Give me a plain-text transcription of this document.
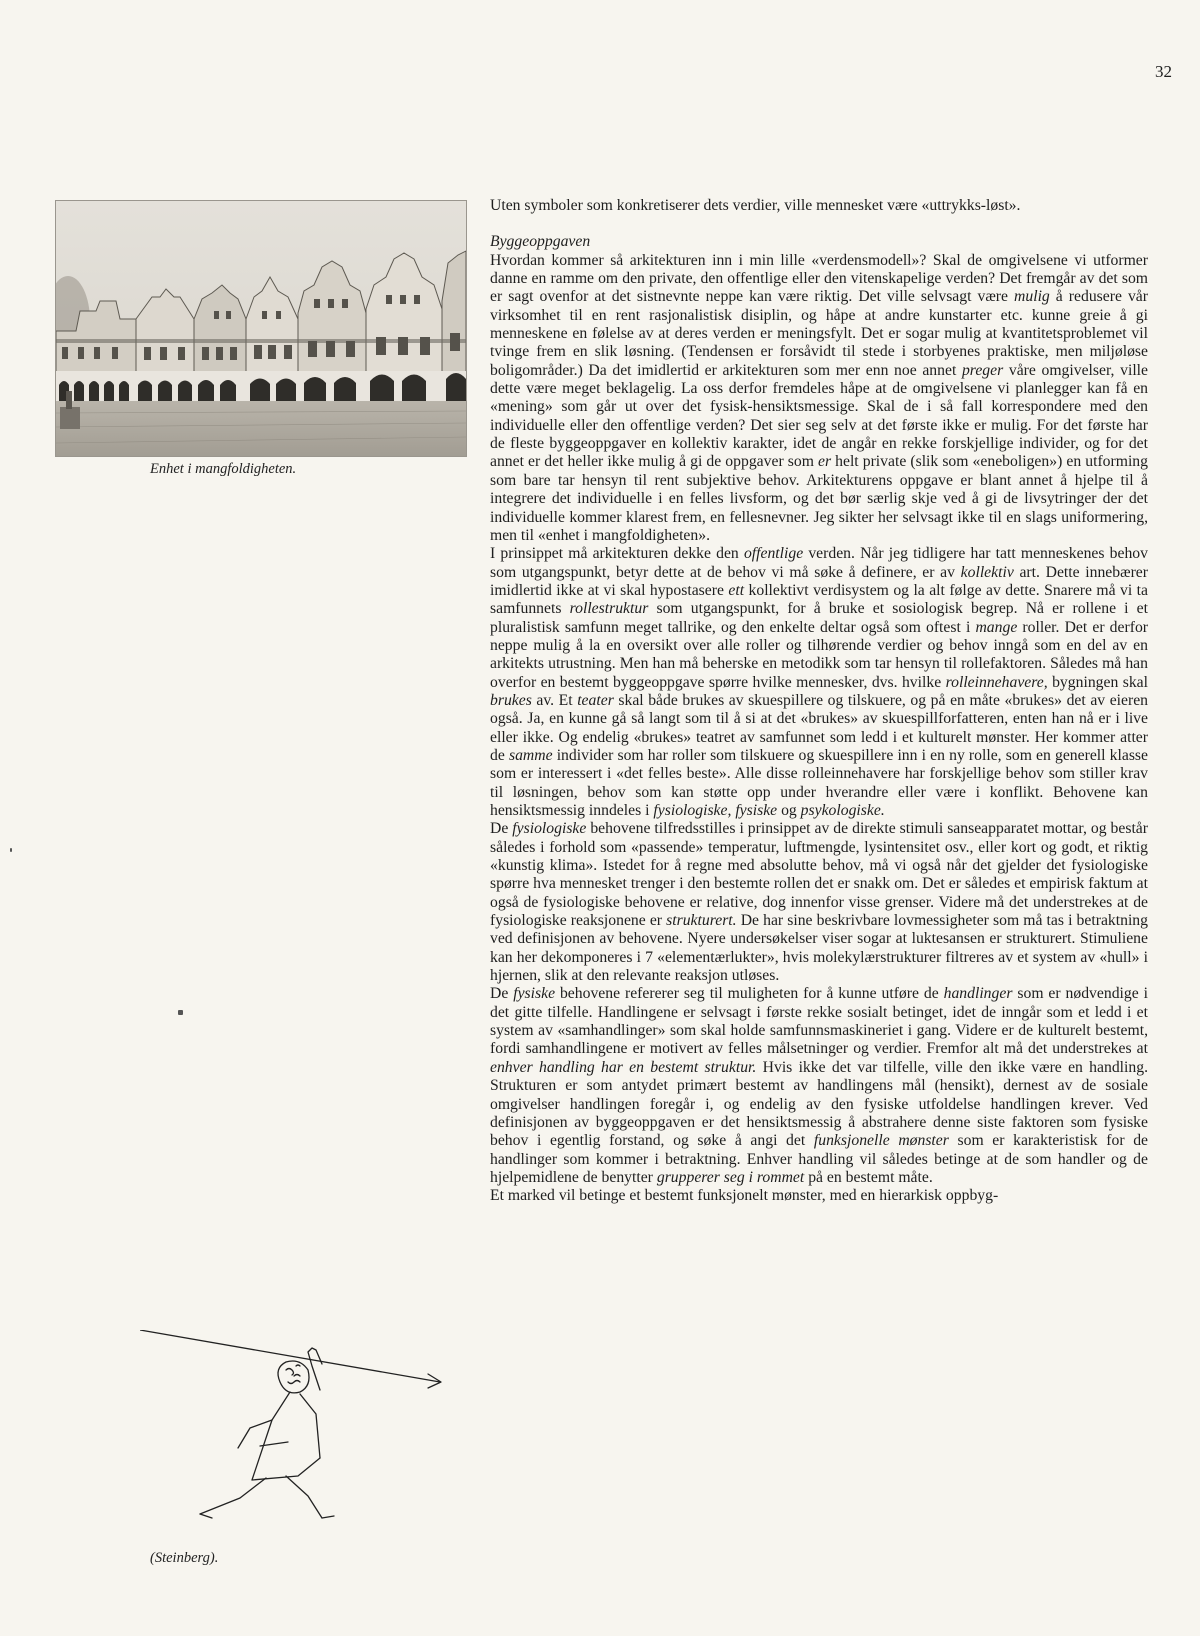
32
Enhet i mangfoldigheten.
(Steinberg).

Uten symboler som konkretiserer dets verdier, ville mennesket være «uttrykks-løst».

Byggeoppgaven

Hvordan kommer så arkitekturen inn i min lille «verdensmodell»? Skal de omgivelsene vi utformer danne en ramme om den private, den offentlige eller den vitenskapelige verden? Det fremgår av det som er sagt ovenfor at det sistnevnte neppe kan være riktig. Det ville selvsagt være mulig å redusere vår virksomhet til en rent rasjonalistisk disiplin, og håpe at andre kunstarter etc. kunne greie å gi menneskene en følelse av at deres verden er meningsfylt. Det er sogar mulig at kvantitetsproblemet vil tvinge frem en slik løsning. (Tendensen er forsåvidt til stede i storbyenes praktiske, men miljøløse boligområder.) Da det imidlertid er arkitekturen som mer enn noe annet preger våre omgivelser, ville dette være meget beklagelig. La oss derfor fremdeles håpe at de omgivelsene vi planlegger kan få en «mening» som går ut over det fysisk-hensiktsmessige. Skal de i så fall korrespondere med den individuelle eller den offentlige verden? Det sier seg selv at det første ikke er mulig. For det første har de fleste byggeoppgaver en kollektiv karakter, idet de angår en rekke forskjellige individer, og for det annet er det heller ikke mulig å gi de oppgaver som er helt private (slik som «eneboligen») en utforming som bare tar hensyn til rent subjektive behov. Arkitekturens oppgave er blant annet å hjelpe til å integrere det individuelle i en felles livsform, og det bør særlig skje ved å gi de livsytringer der det individuelle kommer klarest frem, en fellesnevner. Jeg sikter her selvsagt ikke til en slags uniformering, men til «enhet i mangfoldigheten».

I prinsippet må arkitekturen dekke den offentlige verden. Når jeg tidligere har tatt menneskenes behov som utgangspunkt, betyr dette at de behov vi må søke å definere, er av kollektiv art. Dette innebærer imidlertid ikke at vi skal hypostasere ett kollektivt verdisystem og la alt følge av dette. Snarere må vi ta samfunnets rollestruktur som utgangspunkt, for å bruke et sosiologisk begrep. Nå er rollene i et pluralistisk samfunn meget tallrike, og den enkelte deltar også som oftest i mange roller. Det er derfor neppe mulig å la en oversikt over alle roller og tilhørende verdier og behov inngå som en del av en arkitekts utrustning. Men han må beherske en metodikk som tar hensyn til rollefaktoren. Således må han overfor en bestemt byggeoppgave spørre hvilke mennesker, dvs. hvilke rolleinnehavere, bygningen skal brukes av. Et teater skal både brukes av skuespillere og tilskuere, og på en måte «brukes» det av eieren også. Ja, en kunne gå så langt som til å si at det «brukes» av skuespillforfatteren, enten han nå er i live eller ikke. Og endelig «brukes» teatret av samfunnet som ledd i et kulturelt mønster. Her kommer atter de samme individer som har roller som tilskuere og skuespillere inn i en ny rolle, som en generell klasse som er interessert i «det felles beste». Alle disse rolleinnehavere har forskjellige behov som stiller krav til løsningen, behov som kan støtte opp under hverandre eller være i konflikt. Behovene kan hensiktsmessig inndeles i fysiologiske, fysiske og psykologiske.

De fysiologiske behovene tilfredsstilles i prinsippet av de direkte stimuli sanseapparatet mottar, og består således i forhold som «passende» temperatur, luftmengde, lysintensitet osv., eller kort og godt, et riktig «kunstig klima». Istedet for å regne med absolutte behov, må vi også når det gjelder det fysiologiske spørre hva mennesket trenger i den bestemte rollen det er snakk om. Det er således et empirisk faktum at også de fysiologiske behovene er relative, dog innenfor visse grenser. Videre må det understrekes at de fysiologiske reaksjonene er strukturert. De har sine beskrivbare lovmessigheter som må tas i betraktning ved definisjonen av behovene. Nyere undersøkelser viser sogar at luktesansen er strukturert. Stimuliene kan her dekomponeres i 7 «elementærlukter», hvis molekylærstrukturer filtreres av et system av «hull» i hjernen, slik at den relevante reaksjon utløses.

De fysiske behovene refererer seg til muligheten for å kunne utføre de handlinger som er nødvendige i det gitte tilfelle. Handlingene er selvsagt i første rekke sosialt betinget, idet de inngår som et ledd i et system av «samhandlinger» som skal holde samfunnsmaskineriet i gang. Videre er de kulturelt bestemt, fordi samhandlingene er motivert av felles målsetninger og verdier. Fremfor alt må det understrekes at enhver handling har en bestemt struktur. Hvis ikke det var tilfelle, ville den ikke være en handling. Strukturen er som antydet primært bestemt av handlingens mål (hensikt), dernest av de sosiale omgivelser handlingen foregår i, og endelig av den fysiske utfoldelse handlingen krever. Ved definisjonen av byggeoppgaven er det hensiktsmessig å abstrahere denne siste faktoren som fysiske behov i egentlig forstand, og søke å angi det funksjonelle mønster som er karakteristisk for de handlinger som kommer i betraktning. Enhver handling vil således betinge at de som handler og de hjelpemidlene de benytter grupperer seg i rommet på en bestemt måte.

Et marked vil betinge et bestemt funksjonelt mønster, med en hierarkisk oppbyg-
